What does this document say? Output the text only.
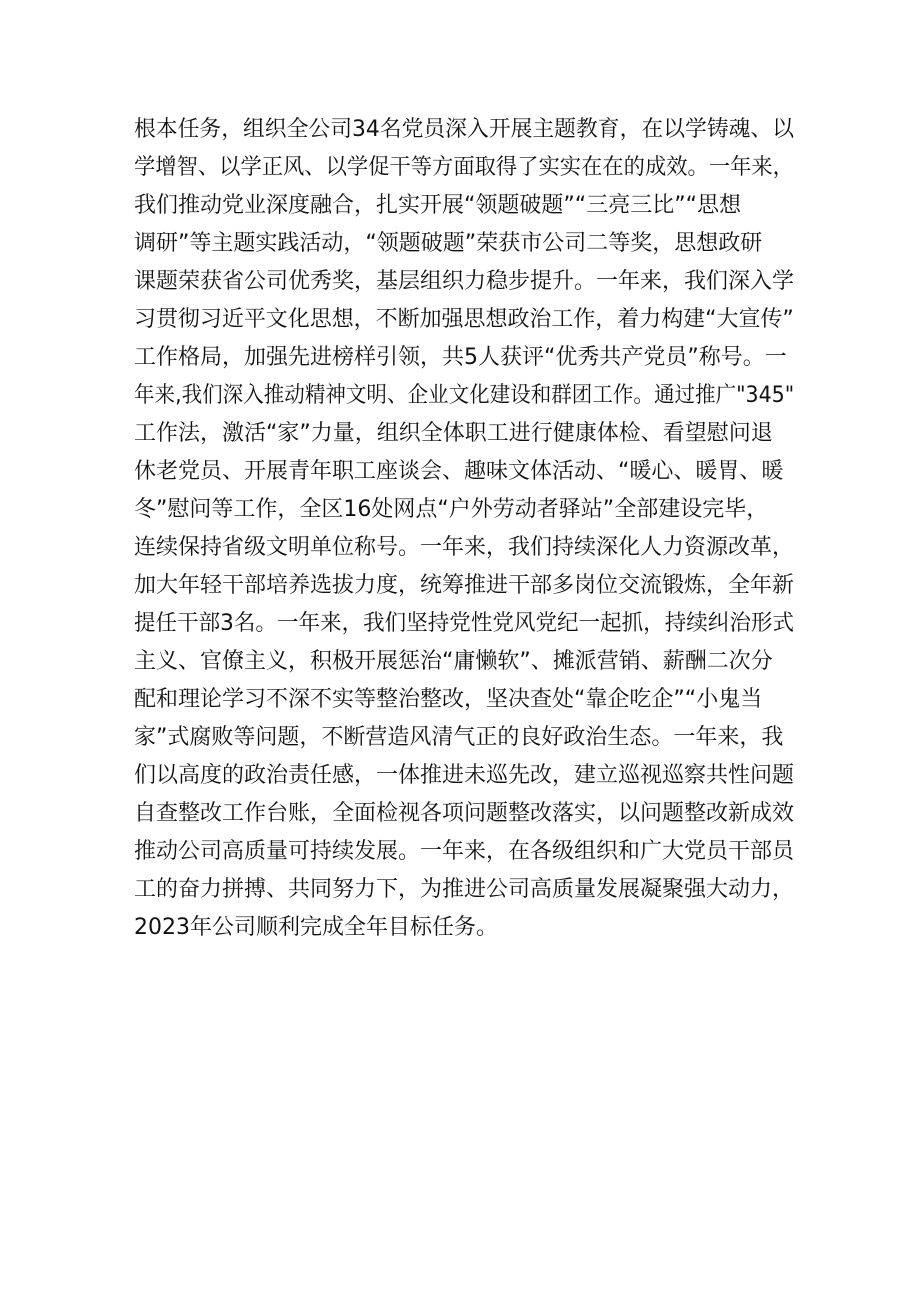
根本任务，组织全公司34名党员深入开展主题教育，在以学铸魂、以
学增智、以学正风、以学促干等方面取得了实实在在的成效。一年来，
我们推动党业深度融合，扎实开展“领题破题”“三亮三比”“思想
调研”等主题实践活动，“领题破题”荣获市公司二等奖，思想政研
课题荣获省公司优秀奖，基层组织力稳步提升。一年来，我们深入学
习贯彻习近平文化思想，不断加强思想政治工作，着力构建“大宣传”
工作格局，加强先进榜样引领，共5人获评“优秀共产党员”称号。一
年来,我们深入推动精神文明、企业文化建设和群团工作。通过推广"345"
工作法，激活“家”力量，组织全体职工进行健康体检、看望慰问退
休老党员、开展青年职工座谈会、趣味文体活动、“暖心、暖胃、暖
冬”慰问等工作，全区16处网点“户外劳动者驿站”全部建设完毕，
连续保持省级文明单位称号。一年来，我们持续深化人力资源改革，
加大年轻干部培养选拔力度，统筹推进干部多岗位交流锻炼，全年新
提任干部3名。一年来，我们坚持党性党风党纪一起抓，持续纠治形式
主义、官僚主义，积极开展惩治“庸懒软”、摊派营销、薪酬二次分
配和理论学习不深不实等整治整改，坚决查处“靠企吃企”“小鬼当
家”式腐败等问题，不断营造风清气正的良好政治生态。一年来，我
们以高度的政治责任感，一体推进未巡先改，建立巡视巡察共性问题
自查整改工作台账，全面检视各项问题整改落实，以问题整改新成效
推动公司高质量可持续发展。一年来，在各级组织和广大党员干部员
工的奋力拼搏、共同努力下，为推进公司高质量发展凝聚强大动力，
2023年公司顺利完成全年目标任务。
